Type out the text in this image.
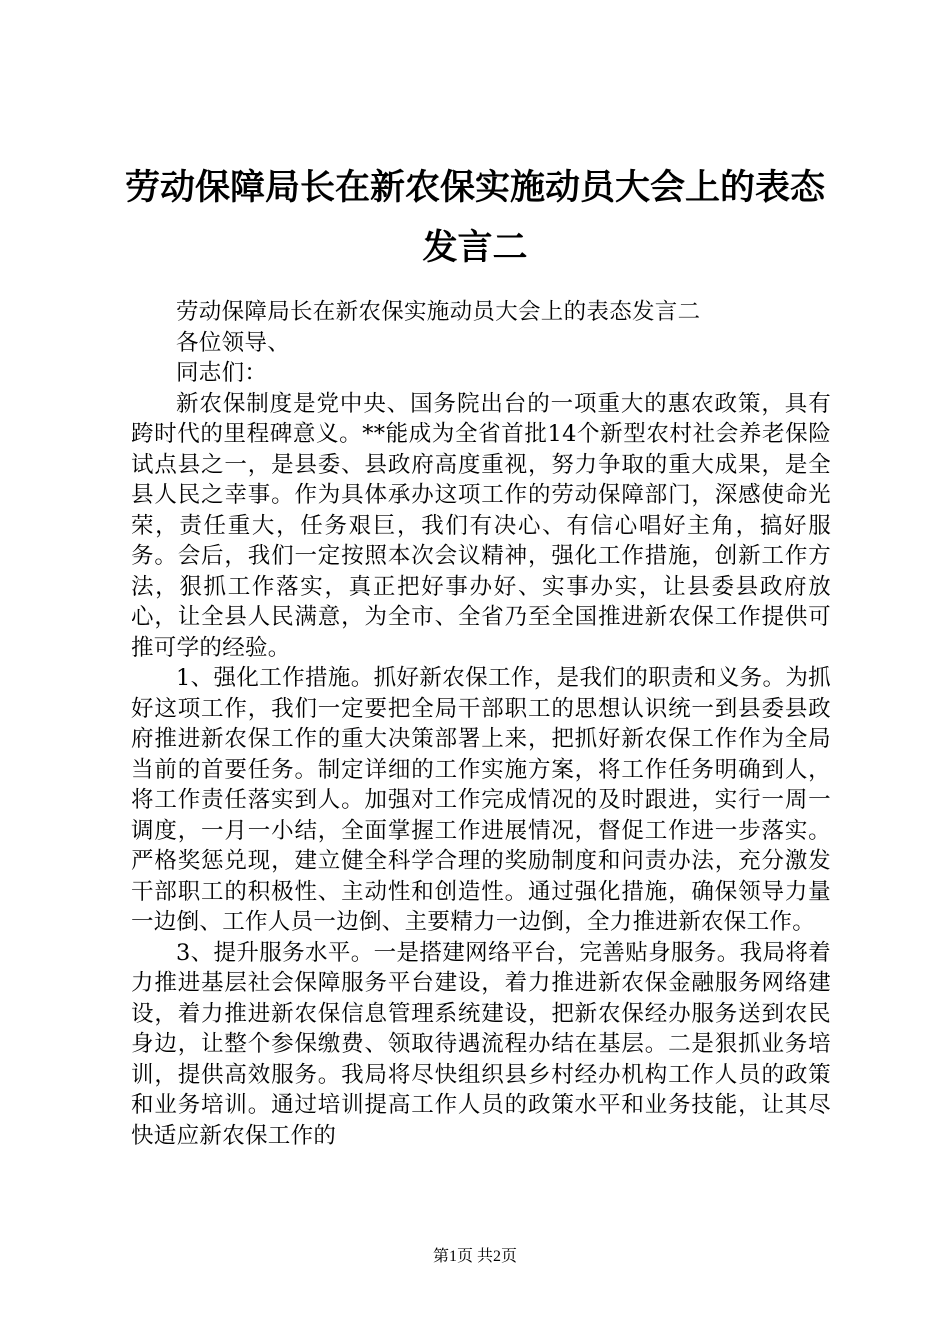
劳动保障局长在新农保实施动员大会上的表态
发言二

劳动保障局长在新农保实施动员大会上的表态发言二

各位领导、

同志们：

新农保制度是党中央、国务院出台的一项重大的惠农政策，具有跨时代的里程碑意义。**能成为全省首批14个新型农村社会养老保险试点县之一，是县委、县政府高度重视，努力争取的重大成果，是全县人民之幸事。作为具体承办这项工作的劳动保障部门，深感使命光荣，责任重大，任务艰巨，我们有决心、有信心唱好主角，搞好服务。会后，我们一定按照本次会议精神，强化工作措施，创新工作方法，狠抓工作落实，真正把好事办好、实事办实，让县委县政府放心，让全县人民满意，为全市、全省乃至全国推进新农保工作提供可推可学的经验。

1、强化工作措施。抓好新农保工作，是我们的职责和义务。为抓好这项工作，我们一定要把全局干部职工的思想认识统一到县委县政府推进新农保工作的重大决策部署上来，把抓好新农保工作作为全局当前的首要任务。制定详细的工作实施方案，将工作任务明确到人，将工作责任落实到人。加强对工作完成情况的及时跟进，实行一周一调度，一月一小结，全面掌握工作进展情况，督促工作进一步落实。严格奖惩兑现，建立健全科学合理的奖励制度和问责办法，充分激发干部职工的积极性、主动性和创造性。通过强化措施，确保领导力量一边倒、工作人员一边倒、主要精力一边倒，全力推进新农保工作。

3、提升服务水平。一是搭建网络平台，完善贴身服务。我局将着力推进基层社会保障服务平台建设，着力推进新农保金融服务网络建设，着力推进新农保信息管理系统建设，把新农保经办服务送到农民身边，让整个参保缴费、领取待遇流程办结在基层。二是狠抓业务培训，提供高效服务。我局将尽快组织县乡村经办机构工作人员的政策和业务培训。通过培训提高工作人员的政策水平和业务技能，让其尽快适应新农保工作的

第1页 共2页
